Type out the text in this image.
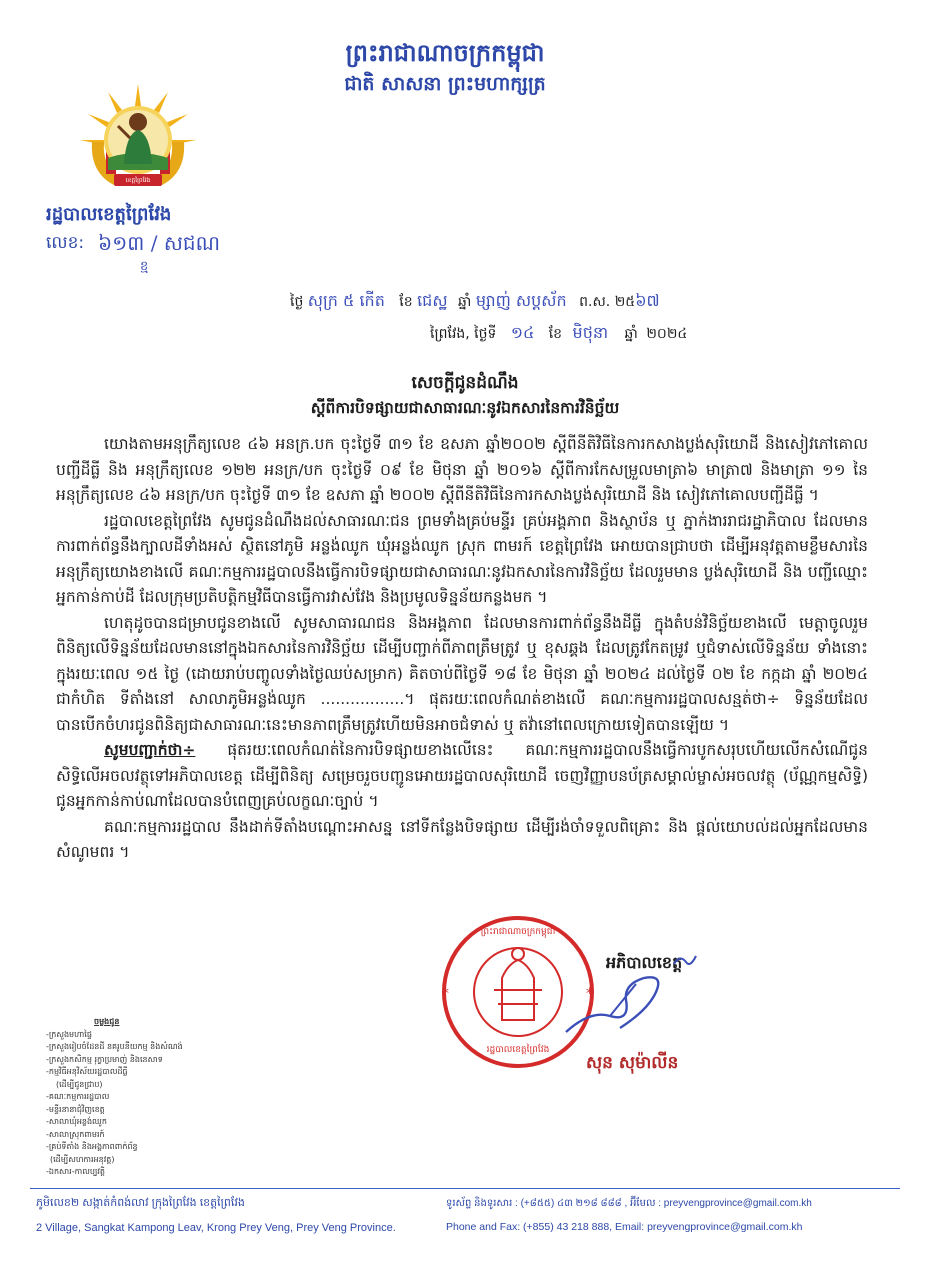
ព្រះរាជាណាចក្រកម្ពុជា
ជាតិ សាសនា ព្រះមហាក្សត្រ
ខេត្តព្រៃវែង
រដ្ឋបាលខេត្តព្រៃវែង
លេខ: ៦១៣ / សជណ
ខ្ម
ថ្ងៃ សុក្រ ៥ កើត ខែ ជេស្ឋ ឆ្នាំ ម្សាញ់ សប្តស័ក ព.ស. ២៥៦៧
ព្រៃវែង, ថ្ងៃទី ១៤ ខែ មិថុនា ឆ្នាំ ២០២៤
សេចក្តីជូនដំណឹង
ស្តីពីការបិទផ្សាយជាសាធារណៈនូវឯកសារនៃការវិនិច្ឆ័យ

យោងតាមអនុក្រឹត្យលេខ ៤៦ អនក្រ.បក ចុះថ្ងៃទី ៣១ ខែ ឧសភា ឆ្នាំ២០០២ ស្តីពីនីតិវិធីនៃការកសាងប្លង់សុរិយោដី និងសៀវភៅគោលបញ្ជីដីធ្លី និង អនុក្រឹត្យលេខ ១២២ អនក្រ/បក ចុះថ្ងៃទី ០៩ ខែ មិថុនា ឆ្នាំ ២០១៦ ស្តីពីការកែសម្រួលមាត្រា៦ មាត្រា៧ និងមាត្រា ១១ នៃអនុក្រឹត្យលេខ ៤៦ អនក្រ/បក ចុះថ្ងៃទី ៣១ ខែ ឧសភា ឆ្នាំ ២០០២ ស្តីពីនីតិវិធីនៃការកសាងប្លង់សុរិយោដី និង សៀវភៅគោលបញ្ជីដីធ្លី ។

រដ្ឋបាលខេត្តព្រៃវែង សូមជូនដំណឹងដល់សាធារណៈជន ព្រមទាំងគ្រប់មន្ទីរ គ្រប់អង្គភាព និងស្ថាប័ន ឬ ភ្នាក់ងាររាជរដ្ឋាភិបាល ដែលមានការពាក់ព័ន្ធនឹងក្បាលដីទាំងអស់ ស្ថិតនៅភូមិ អន្លង់ឈូក ឃុំអន្លង់ឈូក ស្រុក ពាមរក៍ ខេត្តព្រៃវែង អោយបានជ្រាបថា ដើម្បីអនុវត្តតាមខ្លឹមសារនៃអនុក្រឹត្យយោងខាងលើ គណៈកម្មការរដ្ឋបាលនឹងធ្វើការបិទផ្សាយជាសាធារណៈនូវឯកសារនៃការវិនិច្ឆ័យ ដែលរួមមាន ប្លង់សុរិយោដី និង បញ្ជីឈ្មោះអ្នកកាន់កាប់ដី ដែលក្រុមប្រតិបត្តិកម្មវិធីបានធ្វើការវាស់វែង និងប្រមូលទិន្នន័យកន្លងមក ។

ហេតុដូចបានជម្រាបជូនខាងលើ សូមសាធារណជន និងអង្គភាព ដែលមានការពាក់ព័ន្ធនឹងដីធ្លី ក្នុងតំបន់វិនិច្ឆ័យខាងលើ មេត្តាចូលរួមពិនិត្យលើទិន្នន័យដែលមាននៅក្នុងឯកសារនៃការវិនិច្ឆ័យ ដើម្បីបញ្ជាក់ពីភាពត្រឹមត្រូវ ឬ ខុសឆ្គង ដែលត្រូវកែតម្រូវ ឬជំទាស់លើទិន្នន័យ ទាំងនោះ ក្នុងរយៈពេល ១៥ ថ្ងៃ (ដោយរាប់បញ្ចូលទាំងថ្ងៃឈប់សម្រាក) គិតចាប់ពីថ្ងៃទី ១៨ ខែ មិថុនា ឆ្នាំ ២០២៤ ដល់ថ្ងៃទី ០២ ខែ កក្កដា ឆ្នាំ ២០២៤ ជាកំហិត ទីតាំងនៅ សាលាភូមិអន្លង់ឈូក .................។ ផុតរយៈពេលកំណត់ខាងលើ គណៈកម្មការរដ្ឋបាលសន្មត់ថា÷ ទិន្នន័យដែលបានបើកចំហរជូនពិនិត្យជាសាធារណៈនេះមានភាពត្រឹមត្រូវហើយមិនអាចជំទាស់ ឬ តវ៉ានៅពេលក្រោយទៀតបានឡើយ ។

សូមបញ្ជាក់ថា÷ ផុតរយៈពេលកំណត់នៃការបិទផ្សាយខាងលើនេះ គណៈកម្មការរដ្ឋបាលនឹងធ្វើការបូកសរុបហើយលើកសំណើជូនសិទ្ធិលើអចលវត្ថុទៅអភិបាលខេត្ត ដើម្បីពិនិត្យ សម្រេចរួចបញ្ជូនអោយរដ្ឋបាលសុរិយោដី ចេញវិញ្ញាបនប័ត្រសម្គាល់ម្ចាស់អចលវត្ថុ (ប័ណ្ណកម្មសិទ្ធិ) ជូនអ្នកកាន់កាប់ណាដែលបានបំពេញគ្រប់លក្ខណៈច្បាប់ ។

គណៈកម្មការរដ្ឋបាល នឹងដាក់ទីតាំងបណ្តោះអាសន្ន នៅទីកន្លែងបិទផ្សាយ ដើម្បីរង់ចាំទទួលពិគ្រោះ និង ផ្តល់យោបល់ដល់អ្នកដែលមានសំណូមពរ ។

*	*
ព្រះរាជាណាចក្រកម្ពុជា
រដ្ឋបាលខេត្តព្រៃវែង
អភិបាលខេត្ត
សុន សុម៉ាលីន
ចម្លងជូន
-ក្រសួងមហាផ្ទៃ
-ក្រសួងរៀបចំដែនដី នគរូបនីយកម្ម និងសំណង់
-ក្រសួងកសិកម្ម រុក្ខាប្រមាញ់ និងនេសាទ
-កម្មវិធីអនុវិស័យរដ្ឋបាលដីធ្លី
(ដើម្បីជូនជ្រាប)
-គណៈកម្មការរដ្ឋបាល
-មន្ទីរនានាជុំវិញខេត្ត
-សាលាឃុំអន្លង់ឈូក
-សាលាស្រុកពាមរក៍
-គ្រប់ទីតាំង និងអង្គភាពពាក់ព័ន្ធ
(ដើម្បីសហការអនុវត្ត)
-ឯកសារ-កាលប្បវត្តិ
ភូមិលេខ២ សង្កាត់កំពង់លាវ ក្រុងព្រៃវែង ខេត្តព្រៃវែង
2 Village, Sangkat Kampong Leav, Krong Prey Veng, Prey Veng Province.
ទូរស័ព្ទ និងទូរសារ : (+៨៥៥) ៤៣ ២១៨ ៨៨៨ , អ៊ីមែល : preyvengprovince@gmail.com.kh
Phone and Fax: (+855) 43 218 888, Email: preyvengprovince@gmail.com.kh
